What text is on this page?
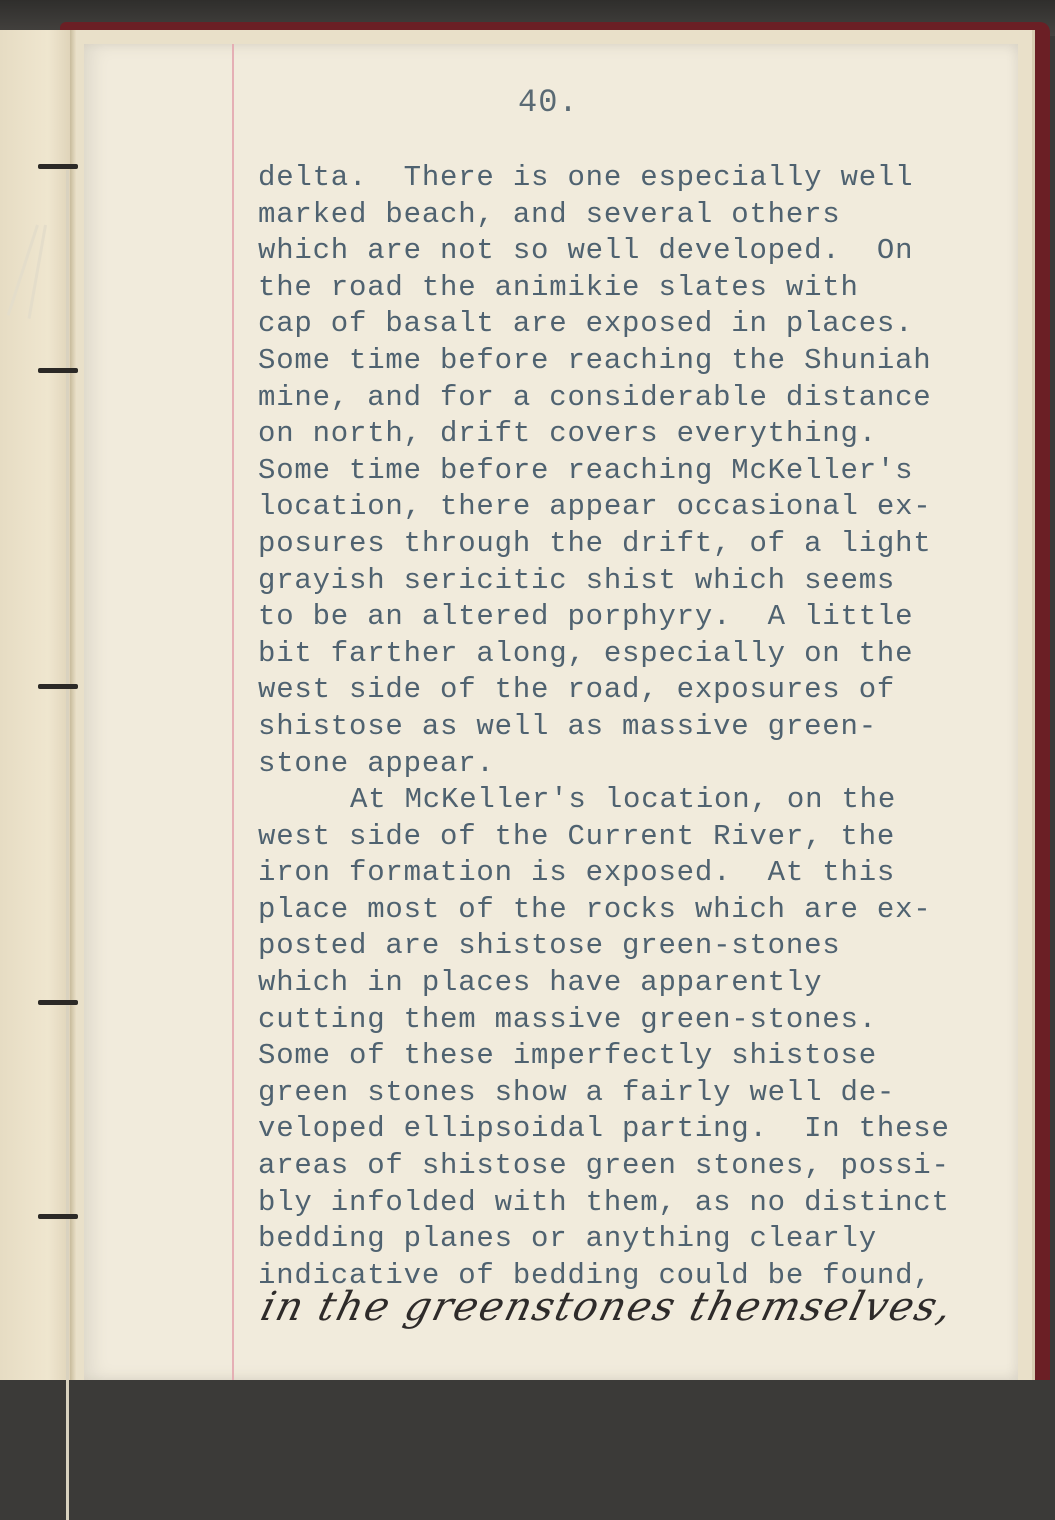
40.
delta.  There is one especially well
marked beach, and several others
which are not so well developed.  On
the road the animikie slates with
cap of basalt are exposed in places.
Some time before reaching the Shuniah
mine, and for a considerable distance
on north, drift covers everything.
Some time before reaching McKeller's
location, there appear occasional ex-
posures through the drift, of a light
grayish sericitic shist which seems
to be an altered porphyry.  A little
bit farther along, especially on the
west side of the road, exposures of
shistose as well as massive green-
stone appear.
At McKeller's location, on the
west side of the Current River, the
iron formation is exposed.  At this
place most of the rocks which are ex-
posted are shistose green-stones
which in places have apparently
cutting them massive green-stones.
Some of these imperfectly shistose
green stones show a fairly well de-
veloped ellipsoidal parting.  In these
areas of shistose green stones, possi-
bly infolded with them, as no distinct
bedding planes or anything clearly
indicative of bedding could be found,
in the greenstones themselves,
